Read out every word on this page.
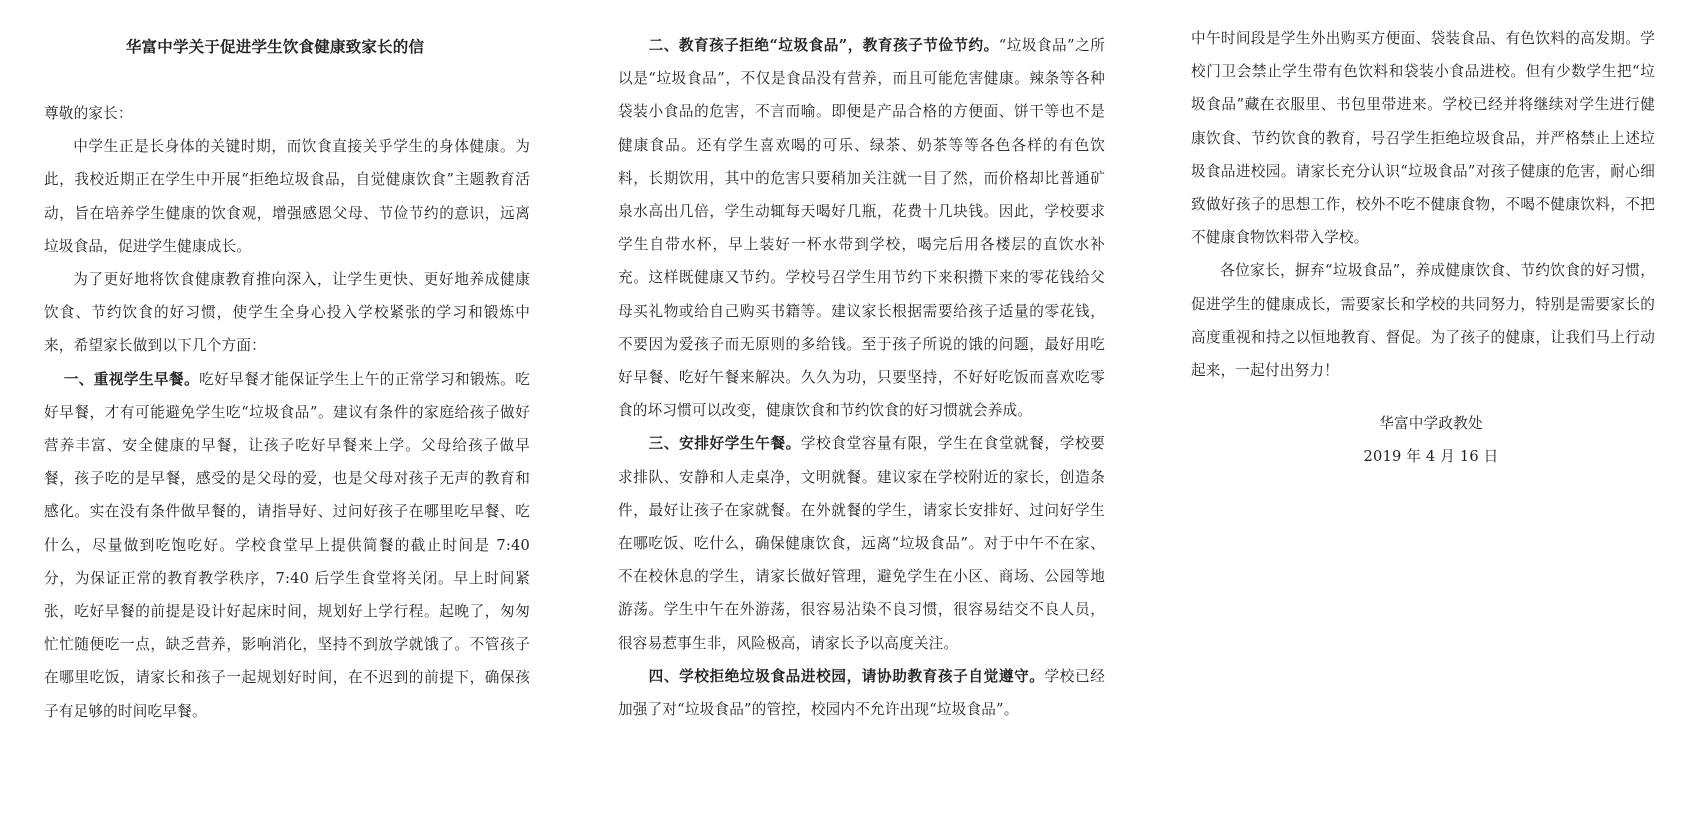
华富中学关于促进学生饮食健康致家长的信

尊敬的家长：

中学生正是长身体的关键时期，而饮食直接关乎学生的身体健康。为此，我校近期正在学生中开展“拒绝垃圾食品，自觉健康饮食”主题教育活动，旨在培养学生健康的饮食观，增强感恩父母、节俭节约的意识，远离垃圾食品，促进学生健康成长。

为了更好地将饮食健康教育推向深入，让学生更快、更好地养成健康饮食、节约饮食的好习惯，使学生全身心投入学校紧张的学习和锻炼中来，希望家长做到以下几个方面：

一、重视学生早餐。吃好早餐才能保证学生上午的正常学习和锻炼。吃好早餐，才有可能避免学生吃“垃圾食品”。建议有条件的家庭给孩子做好营养丰富、安全健康的早餐，让孩子吃好早餐来上学。父母给孩子做早餐，孩子吃的是早餐，感受的是父母的爱，也是父母对孩子无声的教育和感化。实在没有条件做早餐的，请指导好、过问好孩子在哪里吃早餐、吃什么，尽量做到吃饱吃好。学校食堂早上提供简餐的截止时间是 7:40 分，为保证正常的教育教学秩序，7:40 后学生食堂将关闭。早上时间紧张，吃好早餐的前提是设计好起床时间，规划好上学行程。起晚了，匆匆忙忙随便吃一点，缺乏营养，影响消化，坚持不到放学就饿了。不管孩子在哪里吃饭，请家长和孩子一起规划好时间，在不迟到的前提下，确保孩子有足够的时间吃早餐。

二、教育孩子拒绝“垃圾食品”，教育孩子节俭节约。“垃圾食品”之所以是“垃圾食品”，不仅是食品没有营养，而且可能危害健康。辣条等各种袋装小食品的危害，不言而喻。即便是产品合格的方便面、饼干等也不是健康食品。还有学生喜欢喝的可乐、绿茶、奶茶等等各色各样的有色饮料，长期饮用，其中的危害只要稍加关注就一目了然，而价格却比普通矿泉水高出几倍，学生动辄每天喝好几瓶，花费十几块钱。因此，学校要求学生自带水杯，早上装好一杯水带到学校，喝完后用各楼层的直饮水补充。这样既健康又节约。学校号召学生用节约下来积攒下来的零花钱给父母买礼物或给自己购买书籍等。建议家长根据需要给孩子适量的零花钱，不要因为爱孩子而无原则的多给钱。至于孩子所说的饿的问题，最好用吃好早餐、吃好午餐来解决。久久为功，只要坚持，不好好吃饭而喜欢吃零食的坏习惯可以改变，健康饮食和节约饮食的好习惯就会养成。

三、安排好学生午餐。学校食堂容量有限，学生在食堂就餐，学校要求排队、安静和人走桌净，文明就餐。建议家在学校附近的家长，创造条件，最好让孩子在家就餐。在外就餐的学生，请家长安排好、过问好学生在哪吃饭、吃什么，确保健康饮食，远离“垃圾食品”。对于中午不在家、不在校休息的学生，请家长做好管理，避免学生在小区、商场、公园等地游荡。学生中午在外游荡，很容易沾染不良习惯，很容易结交不良人员，很容易惹事生非，风险极高，请家长予以高度关注。

四、学校拒绝垃圾食品进校园，请协助教育孩子自觉遵守。学校已经加强了对“垃圾食品”的管控，校园内不允许出现“垃圾食品”。

中午时间段是学生外出购买方便面、袋装食品、有色饮料的高发期。学校门卫会禁止学生带有色饮料和袋装小食品进校。但有少数学生把“垃圾食品”藏在衣服里、书包里带进来。学校已经并将继续对学生进行健康饮食、节约饮食的教育，号召学生拒绝垃圾食品，并严格禁止上述垃圾食品进校园。请家长充分认识“垃圾食品”对孩子健康的危害，耐心细致做好孩子的思想工作，校外不吃不健康食物，不喝不健康饮料，不把不健康食物饮料带入学校。

各位家长，摒弃“垃圾食品”，养成健康饮食、节约饮食的好习惯，促进学生的健康成长，需要家长和学校的共同努力，特别是需要家长的高度重视和持之以恒地教育、督促。为了孩子的健康，让我们马上行动起来，一起付出努力！

华富中学政教处

2019 年 4 月 16 日
